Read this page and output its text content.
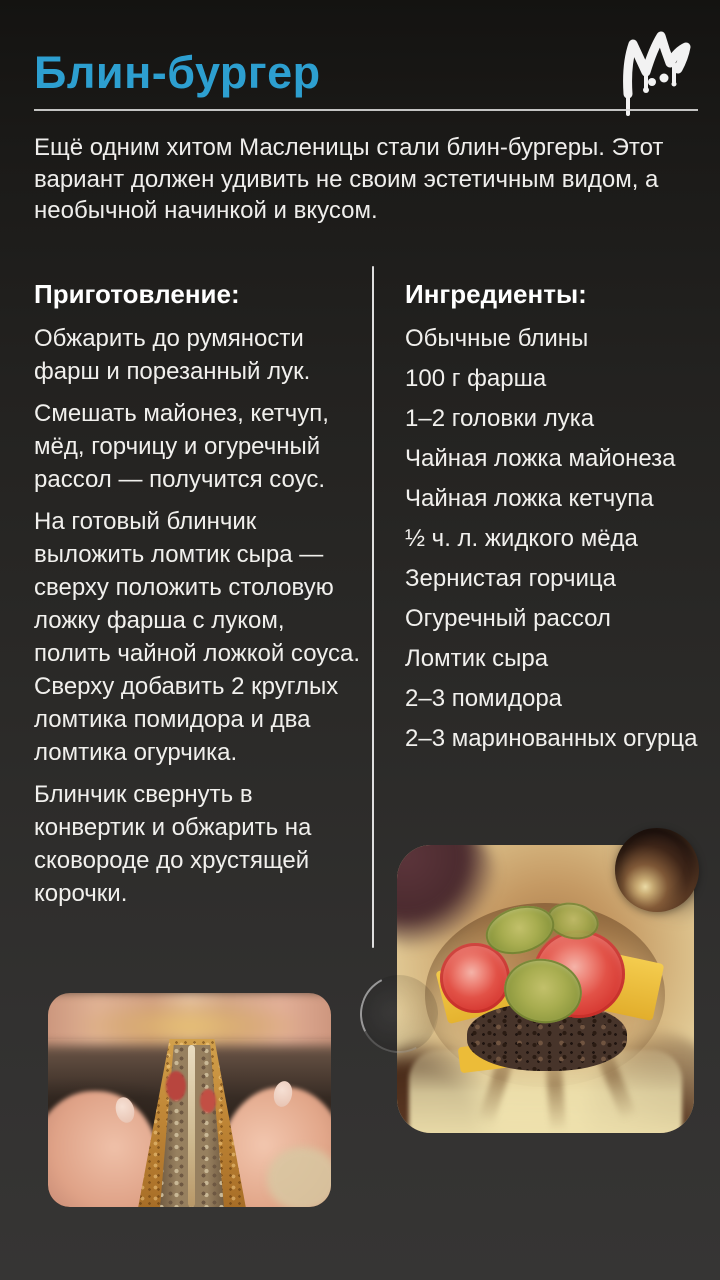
Блин-бургер

Ещё одним хитом Масленицы стали блин-бургеры. Этот вариант должен удивить не своим эстетичным видом, а необычной начинкой и вкусом.

Приготовление:

Обжарить до румяности фарш и порезанный лук.

Смешать майонез, кетчуп, мёд, горчицу и огуречный рассол — получится соус.

На готовый блинчик выложить ломтик сыра — сверху положить столовую ложку фарша с луком, полить чайной ложкой соуса. Сверху добавить 2 круглых ломтика помидора и два ломтика огурчика.

Блинчик свернуть в конвертик и обжарить на сковороде до хрустящей корочки.

Ингредиенты:
Обычные блины
100 г фарша
1–2 головки лука
Чайная ложка майонеза
Чайная ложка кетчупа
½ ч. л. жидкого мёда
Зернистая горчица
Огуречный рассол
Ломтик сыра
2–3 помидора
2–3 маринованных огурца
